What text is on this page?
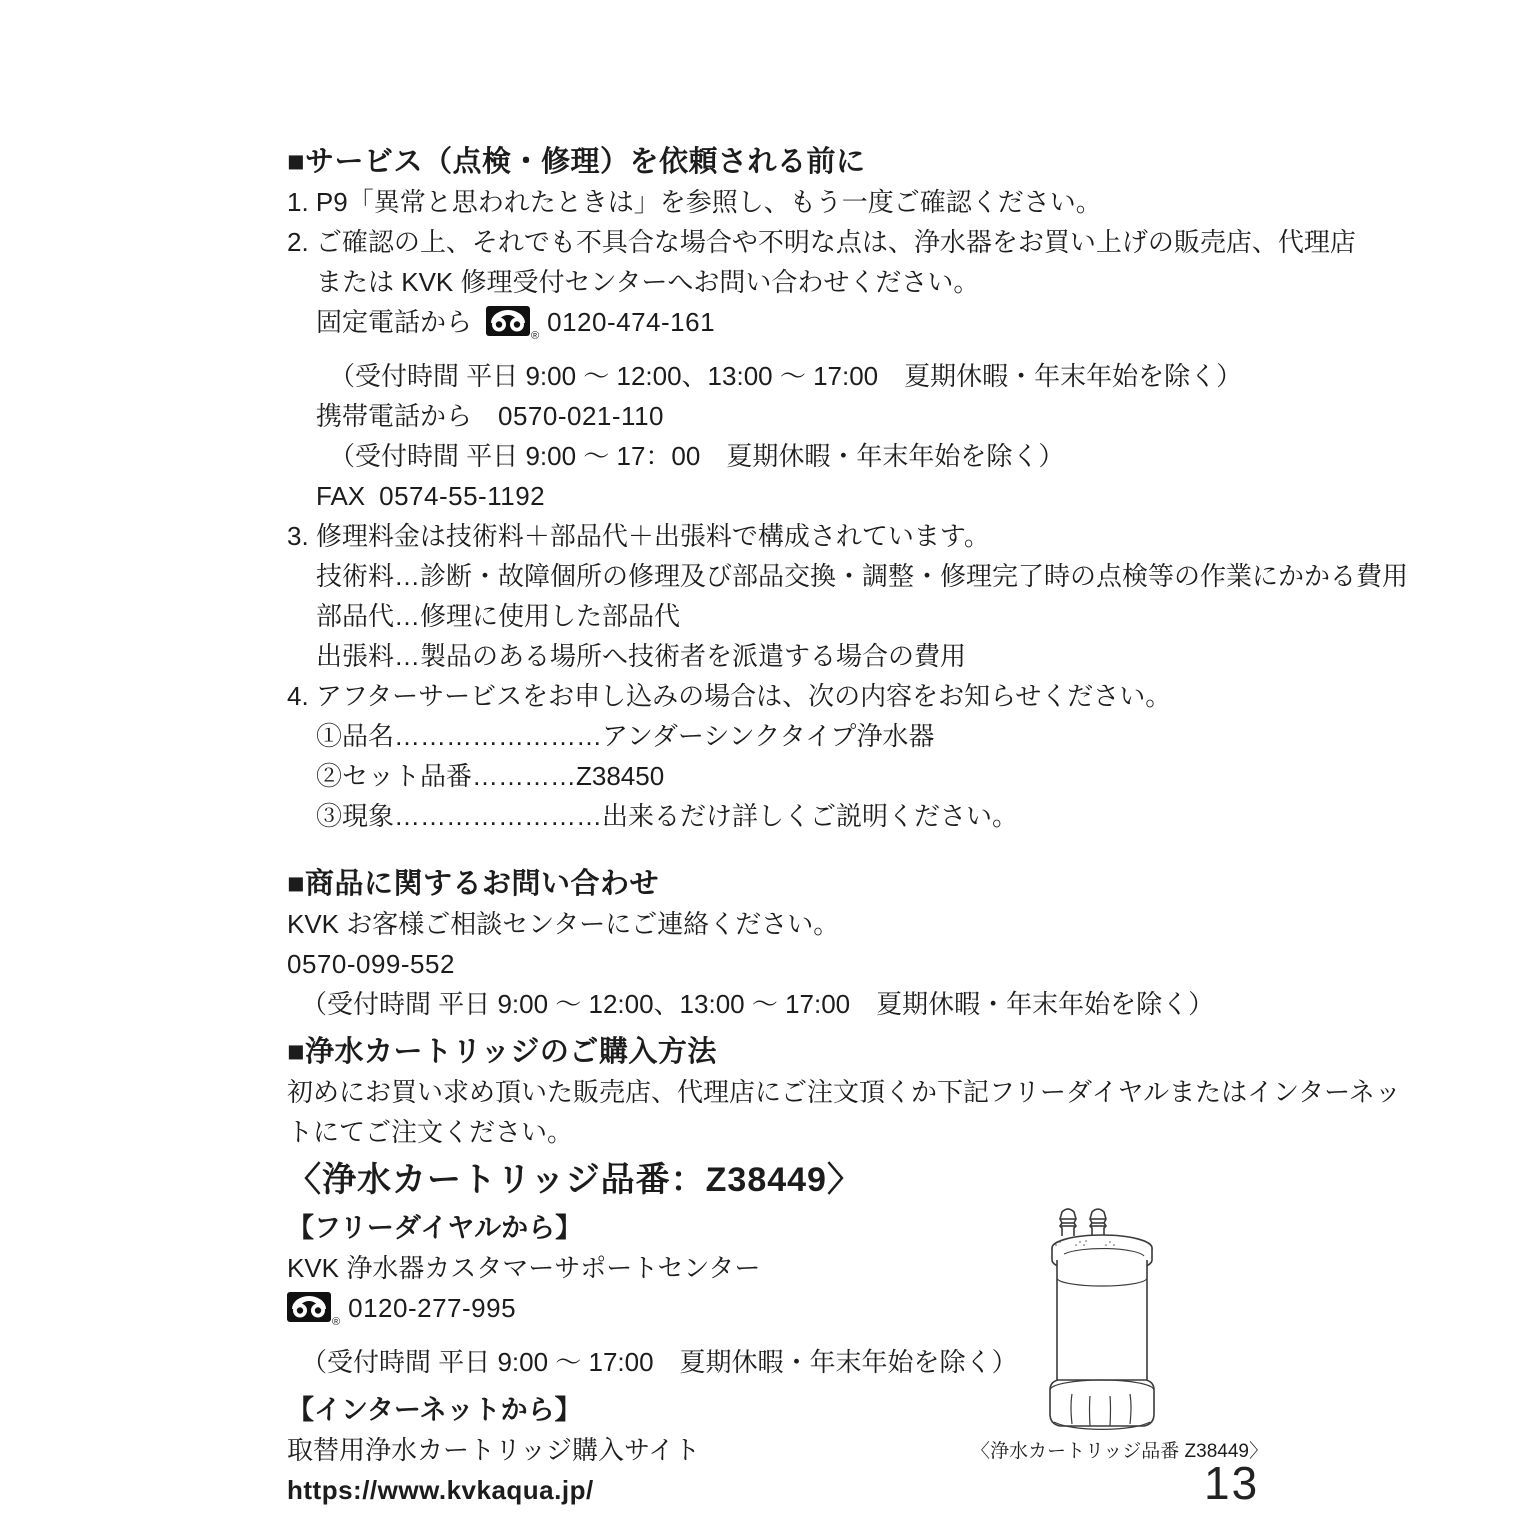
■サービス（点検・修理）を依頼される前に
1. P9「異常と思われたときは」を参照し、もう一度ご確認ください。
2. ご確認の上、それでも不具合な場合や不明な点は、浄水器をお買い上げの販売店、代理店
または KVK 修理受付センターへお問い合わせください。
固定電話から	$_®$ 0120-474-161
（受付時間 平日 9:00 ～ 12:00、13:00 ～ 17:00　夏期休暇・年末年始を除く）
携帯電話から 0570-021-110
（受付時間 平日 9:00 ～ 17：00　夏期休暇・年末年始を除く）
FAX 0574-55-1192
3. 修理料金は技術料＋部品代＋出張料で構成されています。
技術料…診断・故障個所の修理及び部品交換・調整・修理完了時の点検等の作業にかかる費用
部品代…修理に使用した部品代
出張料…製品のある場所へ技術者を派遣する場合の費用
4. アフターサービスをお申し込みの場合は、次の内容をお知らせください。
①品名……………………アンダーシンクタイプ浄水器
②セット品番…………Z38450
③現象……………………出来るだけ詳しくご説明ください。
■商品に関するお問い合わせ
KVK お客様ご相談センターにご連絡ください。
0570-099-552
（受付時間 平日 9:00 ～ 12:00、13:00 ～ 17:00　夏期休暇・年末年始を除く）
■浄水カートリッジのご購入方法
初めにお買い求め頂いた販売店、代理店にご注文頂くか下記フリーダイヤルまたはインターネッ
トにてご注文ください。
〈浄水カートリッジ品番：Z38449〉
【フリーダイヤルから】
KVK 浄水器カスタマーサポートセンター
$_®$ 0120-277-995
（受付時間 平日 9:00 ～ 17:00　夏期休暇・年末年始を除く）
【インターネットから】
取替用浄水カートリッジ購入サイト
https://www.kvkaqua.jp/
〈浄水カートリッジ品番 Z38449〉
13
